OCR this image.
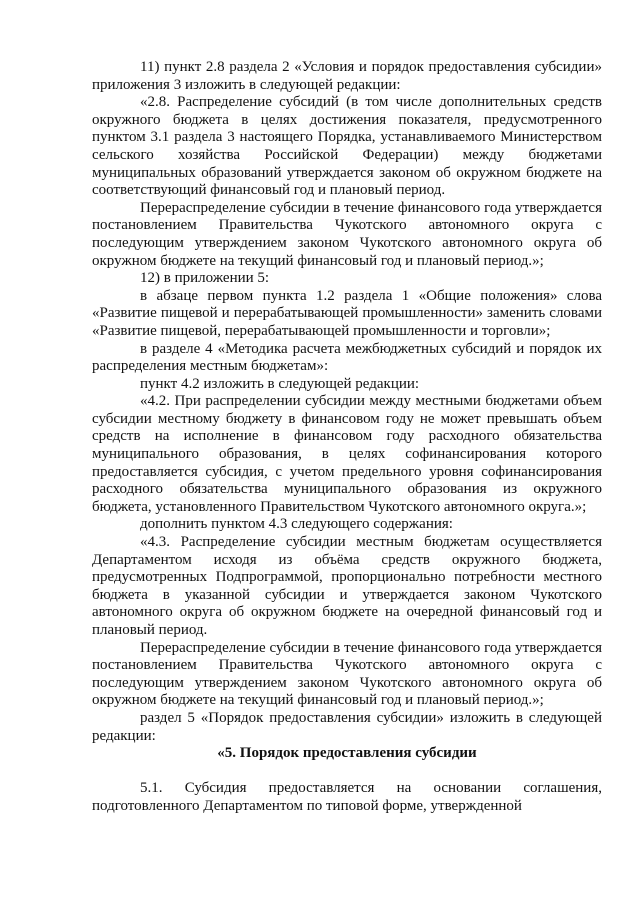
11) пункт 2.8 раздела 2 «Условия и порядок предоставления субсидии» приложения 3 изложить в следующей редакции:

«2.8. Распределение субсидий (в том числе дополнительных средств окружного бюджета в целях достижения показателя, предусмотренного пунктом 3.1 раздела 3 настоящего Порядка, устанавливаемого Министерством сельского хозяйства Российской Федерации) между бюджетами муниципальных образований утверждается законом об окружном бюджете на соответствующий финансовый год и плановый период.

Перераспределение субсидии в течение финансового года утверждается постановлением Правительства Чукотского автономного округа с последующим утверждением законом Чукотского автономного округа об окружном бюджете на текущий финансовый год и плановый период.»;

12) в приложении 5:

в абзаце первом пункта 1.2 раздела 1 «Общие положения» слова «Развитие пищевой и перерабатывающей промышленности» заменить словами «Развитие пищевой, перерабатывающей промышленности и торговли»;

в разделе 4 «Методика расчета межбюджетных субсидий и порядок их распределения местным бюджетам»:

пункт 4.2 изложить в следующей редакции:

«4.2. При распределении субсидии между местными бюджетами объем субсидии местному бюджету в финансовом году не может превышать объем средств на исполнение в финансовом году расходного обязательства муниципального образования, в целях софинансирования которого предоставляется субсидия, с учетом предельного уровня софинансирования расходного обязательства муниципального образования из окружного бюджета, установленного Правительством Чукотского автономного округа.»;

дополнить пунктом 4.3 следующего содержания:

«4.3. Распределение субсидии местным бюджетам осуществляется Департаментом исходя из объёма средств окружного бюджета, предусмотренных Подпрограммой, пропорционально потребности местного бюджета в указанной субсидии и утверждается законом Чукотского автономного округа об окружном бюджете на очередной финансовый год и плановый период.

Перераспределение субсидии в течение финансового года утверждается постановлением Правительства Чукотского автономного округа с последующим утверждением законом Чукотского автономного округа об окружном бюджете на текущий финансовый год и плановый период.»;

раздел 5 «Порядок предоставления субсидии» изложить в следующей редакции:

«5. Порядок предоставления субсидии

5.1. Субсидия предоставляется на основании соглашения, подготовленного Департаментом по типовой форме, утвержденной
